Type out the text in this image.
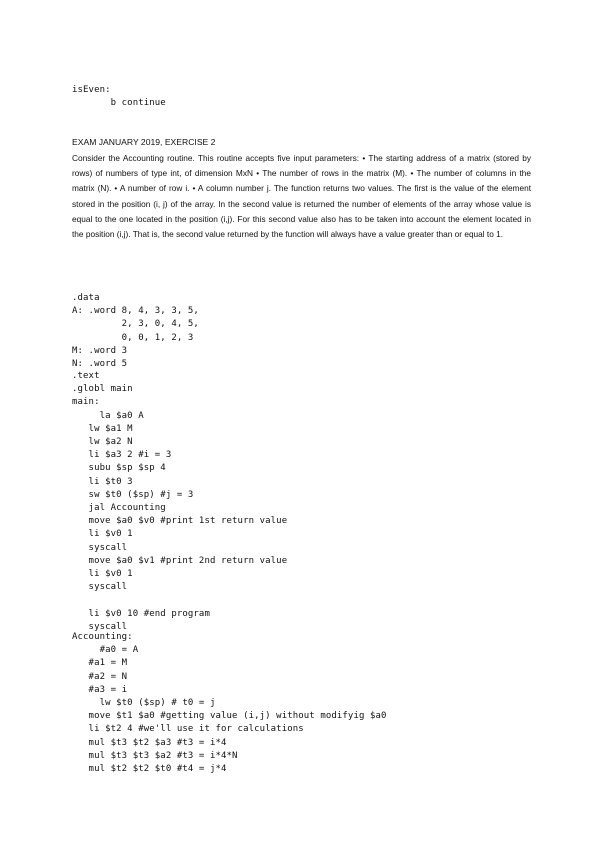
isEven:
b continue
EXAM JANUARY 2019, EXERCISE 2
Consider the Accounting routine. This routine accepts five input parameters: • The starting address of a matrix (stored by rows) of numbers of type int, of dimension MxN • The number of rows in the matrix (M). • The number of columns in the matrix (N). • A number of row i. • A column number j. The function returns two values. The first is the value of the element stored in the position (i, j) of the array. In the second value is returned the number of elements of the array whose value is equal to the one located in the position (i,j). For this second value also has to be taken into account the element located in the position (i,j). That is, the second value returned by the function will always have a value greater than or equal to 1.
.data
A: .word 8, 4, 3, 3, 5,
2, 3, 0, 4, 5,
0, 0, 1, 2, 3
M: .word 3
N: .word 5
.text
.globl main
main:
la $a0 A
lw $a1 M
lw $a2 N
li $a3 2 #i = 3
subu $sp $sp 4
li $t0 3
sw $t0 ($sp) #j = 3
jal Accounting
move $a0 $v0 #print 1st return value
li $v0 1
syscall
move $a0 $v1 #print 2nd return value
li $v0 1
syscall

li $v0 10 #end program
syscall
Accounting:
#a0 = A
#a1 = M
#a2 = N
#a3 = i
lw $t0 ($sp) # t0 = j
move $t1 $a0 #getting value (i,j) without modifyig $a0
li $t2 4 #we'll use it for calculations
mul $t3 $t2 $a3 #t3 = i*4
mul $t3 $t3 $a2 #t3 = i*4*N
mul $t2 $t2 $t0 #t4 = j*4
